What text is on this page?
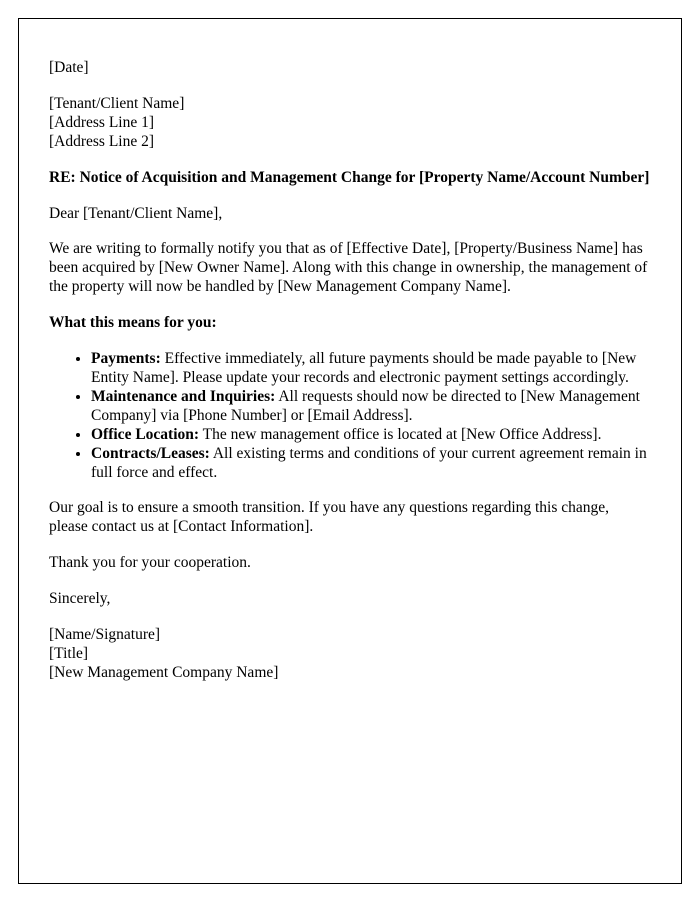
[Date]

[Tenant/Client Name]

[Address Line 1]

[Address Line 2]

RE: Notice of Acquisition and Management Change for [Property Name/Account Number]

Dear [Tenant/Client Name],

We are writing to formally notify you that as of [Effective Date], [Property/Business Name] has been acquired by [New Owner Name]. Along with this change in ownership, the management of the property will now be handled by [New Management Company Name].

What this means for you:

• Payments: Effective immediately, all future payments should be made payable to [New Entity Name]. Please update your records and electronic payment settings accordingly.
• Maintenance and Inquiries: All requests should now be directed to [New Management Company] via [Phone Number] or [Email Address].
• Office Location: The new management office is located at [New Office Address].
• Contracts/Leases: All existing terms and conditions of your current agreement remain in full force and effect.

Our goal is to ensure a smooth transition. If you have any questions regarding this change, please contact us at [Contact Information].

Thank you for your cooperation.

Sincerely,

[Name/Signature]

[Title]

[New Management Company Name]
